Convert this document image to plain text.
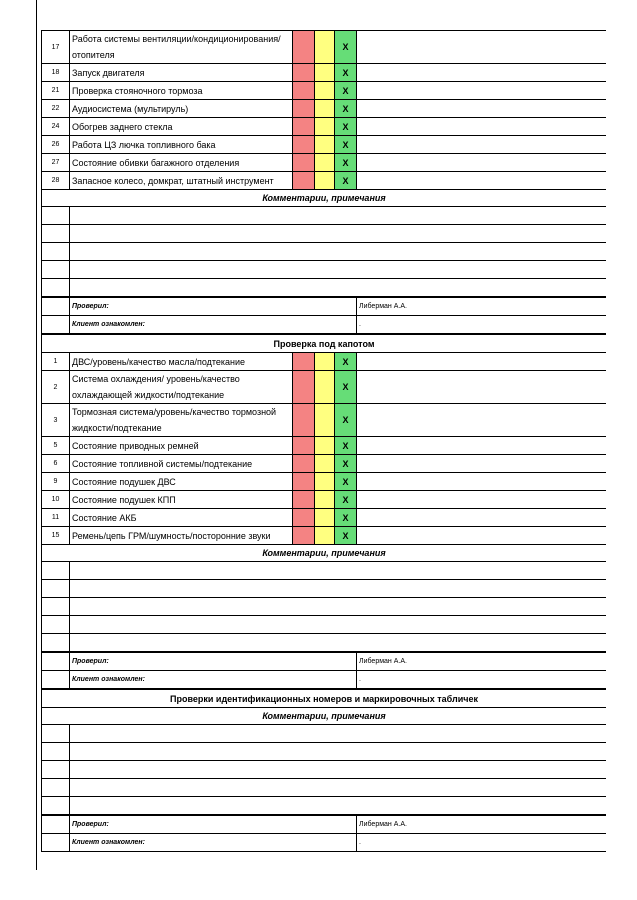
17	Работа системы вентиляции/кондиционирования/ отопителя			X	
18	Запуск двигателя			X	
21	Проверка стояночного тормоза			X	
22	Аудиосистема (мультируль)			X	
24	Обогрев заднего стекла			X	
26	Работа ЦЗ лючка топливного бака			X	
27	Состояние обивки багажного отделения			X	
28	Запасное колесо, домкрат, штатный инструмент			X	
Комментарии, примечания					

	Проверил:				Либерман А.А.
	Клиент ознакомлен:				.
Проверка под капотом					
1	ДВС/уровень/качество масла/подтекание			X	
2	Система охлаждения/ уровень/качество охлаждающей жидкости/подтекание			X	
3	Тормозная система/уровень/качество тормозной жидкости/подтекание			X	
5	Состояние приводных ремней			X	
6	Состояние топливной системы/подтекание			X	
9	Состояние подушек ДВС			X	
10	Состояние подушек КПП			X	
11	Состояние АКБ			X	
15	Ремень/цепь ГРМ/шумность/посторонние звуки			X	
Комментарии, примечания					

	Проверил:				Либерман А.А.
	Клиент ознакомлен:				.
Проверки идентификационных номеров и маркировочных табличек					
Комментарии, примечания					

	Проверил:				Либерман А.А.
	Клиент ознакомлен:				.
